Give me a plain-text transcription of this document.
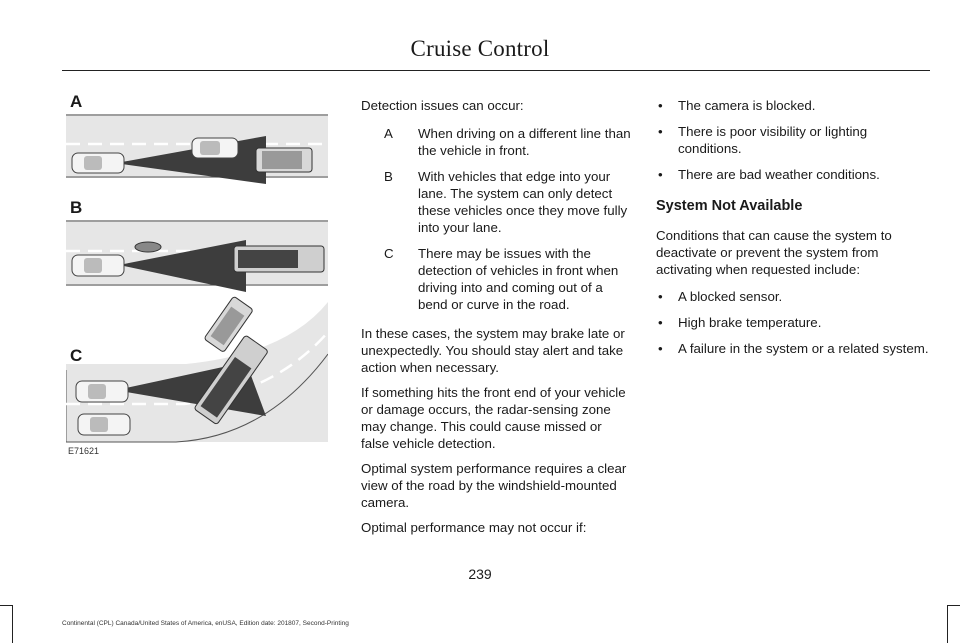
Cruise Control
A
B
C
E71621

Detection issues can occur:

A	When driving on a different line than the vehicle in front.
B	With vehicles that edge into your lane. The system can only detect these vehicles once they move fully into your lane.
C	There may be issues with the detection of vehicles in front when driving into and coming out of a bend or curve in the road.

In these cases, the system may brake late or unexpectedly. You should stay alert and take action when necessary.

If something hits the front end of your vehicle or damage occurs, the radar-sensing zone may change. This could cause missed or false vehicle detection.

Optimal system performance requires a clear view of the road by the windshield-mounted camera.

Optimal performance may not occur if:

•	The camera is blocked.
•	There is poor visibility or lighting conditions.
•	There are bad weather conditions.
System Not Available

Conditions that can cause the system to deactivate or prevent the system from activating when requested include:

•	A blocked sensor.
•	High brake temperature.
•	A failure in the system or a related system.
239
Continental (CPL) Canada/United States of America, enUSA, Edition date: 201807, Second-Printing
